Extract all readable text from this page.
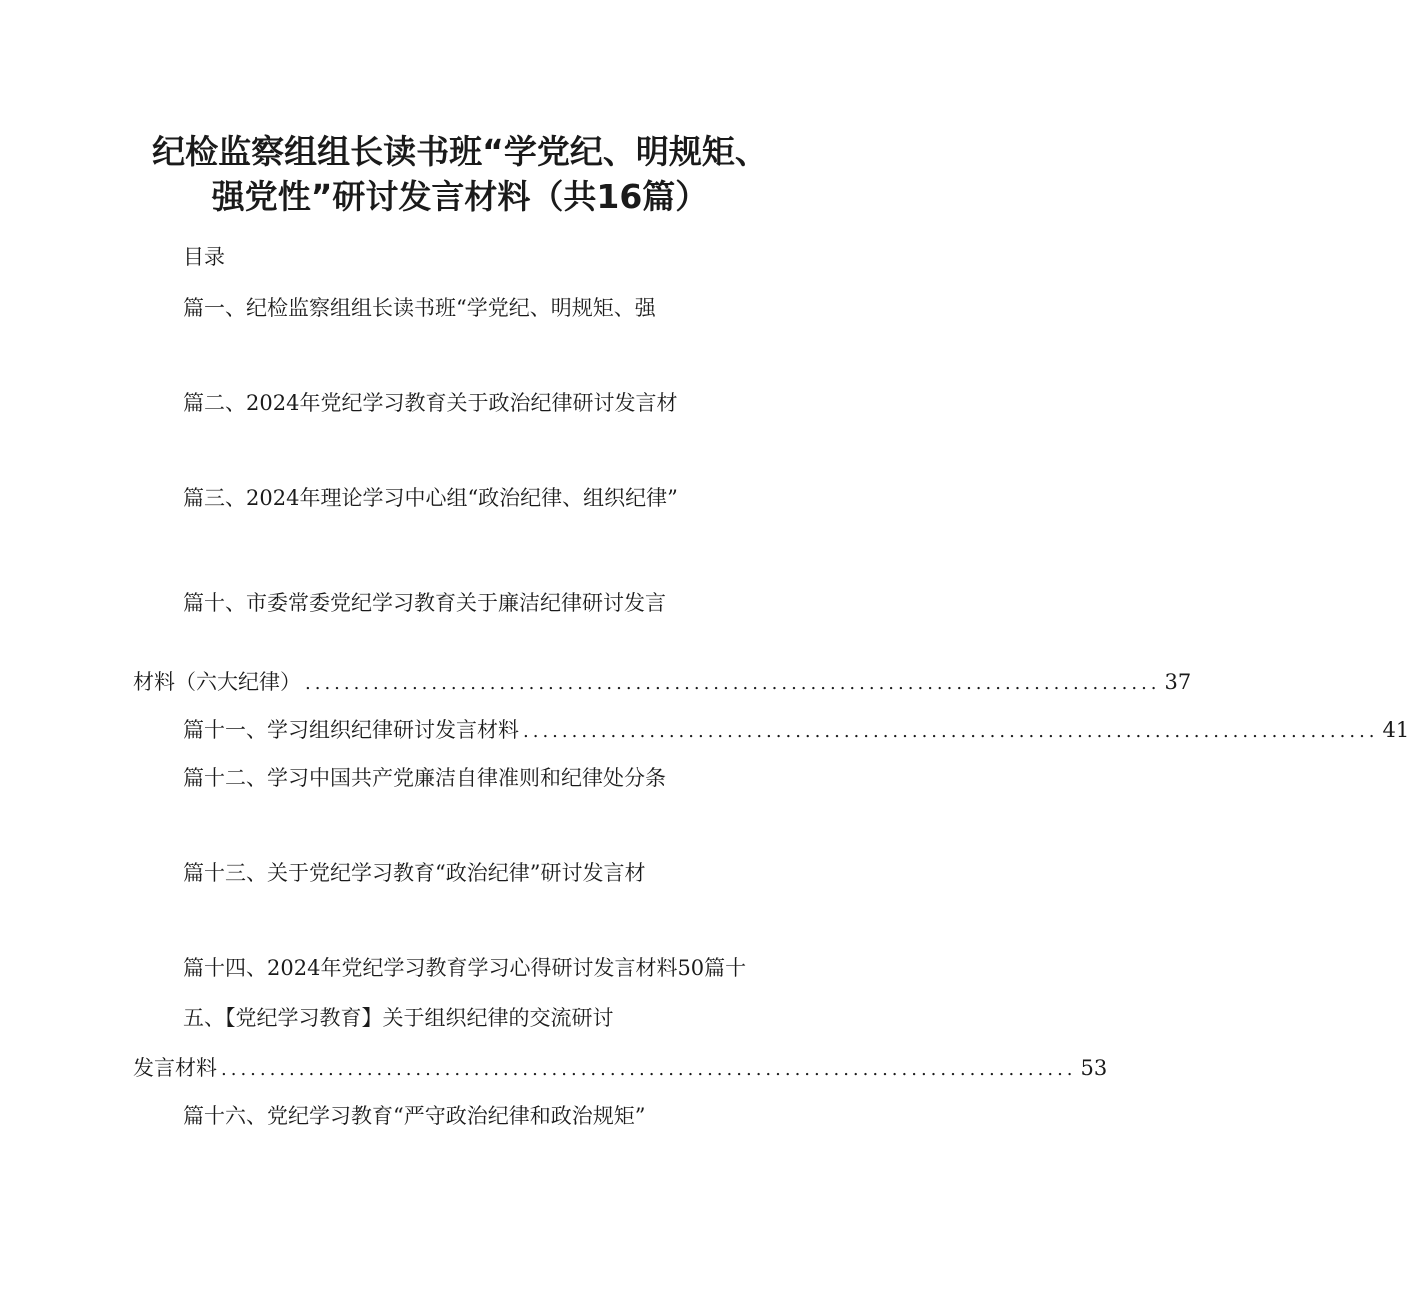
纪检监察组组长读书班“学党纪、明规矩、
强党性”研讨发言材料（共16篇）
目录
篇一、纪检监察组组长读书班“学党纪、明规矩、强
篇二、2024年党纪学习教育关于政治纪律研讨发言材
篇三、2024年理论学习中心组“政治纪律、组织纪律”
篇十、市委常委党纪学习教育关于廉洁纪律研讨发言
材料（六大纪律） ........................................................................................ 37
篇十一、学习组织纪律研讨发言材料 ........................................................................................ 41
篇十二、学习中国共产党廉洁自律准则和纪律处分条
篇十三、关于党纪学习教育“政治纪律”研讨发言材
篇十四、2024年党纪学习教育学习心得研讨发言材料50篇十
五、【党纪学习教育】关于组织纪律的交流研讨
发言材料 ........................................................................................ 53
篇十六、党纪学习教育“严守政治纪律和政治规矩”
